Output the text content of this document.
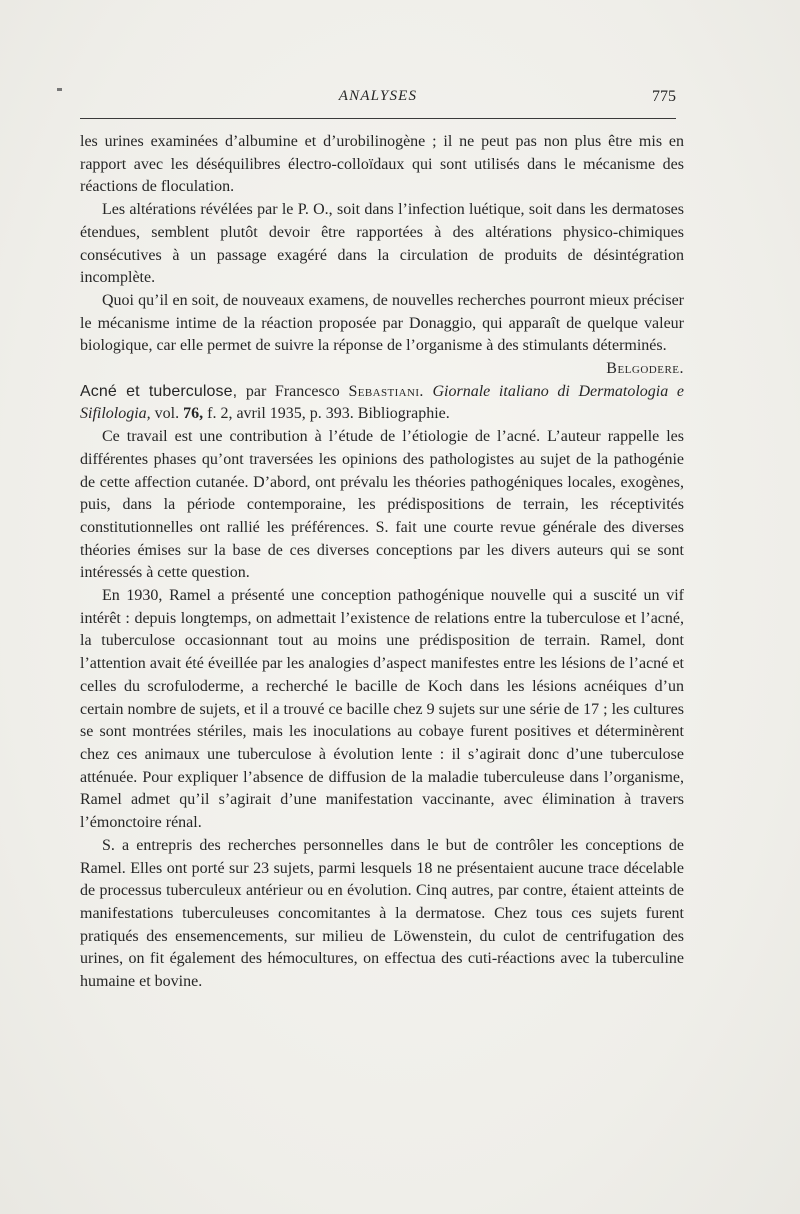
ANALYSES	775

les urines examinées d’albumine et d’urobilinogène ; il ne peut pas non plus être mis en rapport avec les déséquilibres électro-colloïdaux qui sont utilisés dans le mécanisme des réactions de floculation.

Les altérations révélées par le P. O., soit dans l’infection luétique, soit dans les dermatoses étendues, semblent plutôt devoir être rapportées à des altérations physico-chimiques consécutives à un passage exagéré dans la circulation de produits de désintégration incomplète.

Quoi qu’il en soit, de nouveaux examens, de nouvelles recherches pourront mieux préciser le mécanisme intime de la réaction proposée par Donaggio, qui apparaît de quelque valeur biologique, car elle permet de suivre la réponse de l’organisme à des stimulants déterminés.

Belgodere.

Acné et tuberculose, par Francesco Sebastiani. Giornale italiano di Dermatologia e Sifilologia, vol. 76, f. 2, avril 1935, p. 393. Bibliographie.

Ce travail est une contribution à l’étude de l’étiologie de l’acné. L’auteur rappelle les différentes phases qu’ont traversées les opinions des pathologistes au sujet de la pathogénie de cette affection cutanée. D’abord, ont prévalu les théories pathogéniques locales, exogènes, puis, dans la période contemporaine, les prédispositions de terrain, les réceptivités constitutionnelles ont rallié les préférences. S. fait une courte revue générale des diverses théories émises sur la base de ces diverses conceptions par les divers auteurs qui se sont intéressés à cette question.

En 1930, Ramel a présenté une conception pathogénique nouvelle qui a suscité un vif intérêt : depuis longtemps, on admettait l’existence de relations entre la tuberculose et l’acné, la tuberculose occasionnant tout au moins une prédisposition de terrain. Ramel, dont l’attention avait été éveillée par les analogies d’aspect manifestes entre les lésions de l’acné et celles du scrofuloderme, a recherché le bacille de Koch dans les lésions acnéiques d’un certain nombre de sujets, et il a trouvé ce bacille chez 9 sujets sur une série de 17 ; les cultures se sont montrées stériles, mais les inoculations au cobaye furent positives et déterminèrent chez ces animaux une tuberculose à évolution lente : il s’agirait donc d’une tuberculose atténuée. Pour expliquer l’absence de diffusion de la maladie tuberculeuse dans l’organisme, Ramel admet qu’il s’agirait d’une manifestation vaccinante, avec élimination à travers l’émonctoire rénal.

S. a entrepris des recherches personnelles dans le but de contrôler les conceptions de Ramel. Elles ont porté sur 23 sujets, parmi lesquels 18 ne présentaient aucune trace décelable de processus tuberculeux antérieur ou en évolution. Cinq autres, par contre, étaient atteints de manifestations tuberculeuses concomitantes à la dermatose. Chez tous ces sujets furent pratiqués des ensemencements, sur milieu de Löwenstein, du culot de centrifugation des urines, on fit également des hémocultures, on effectua des cuti-réactions avec la tuberculine humaine et bovine.
